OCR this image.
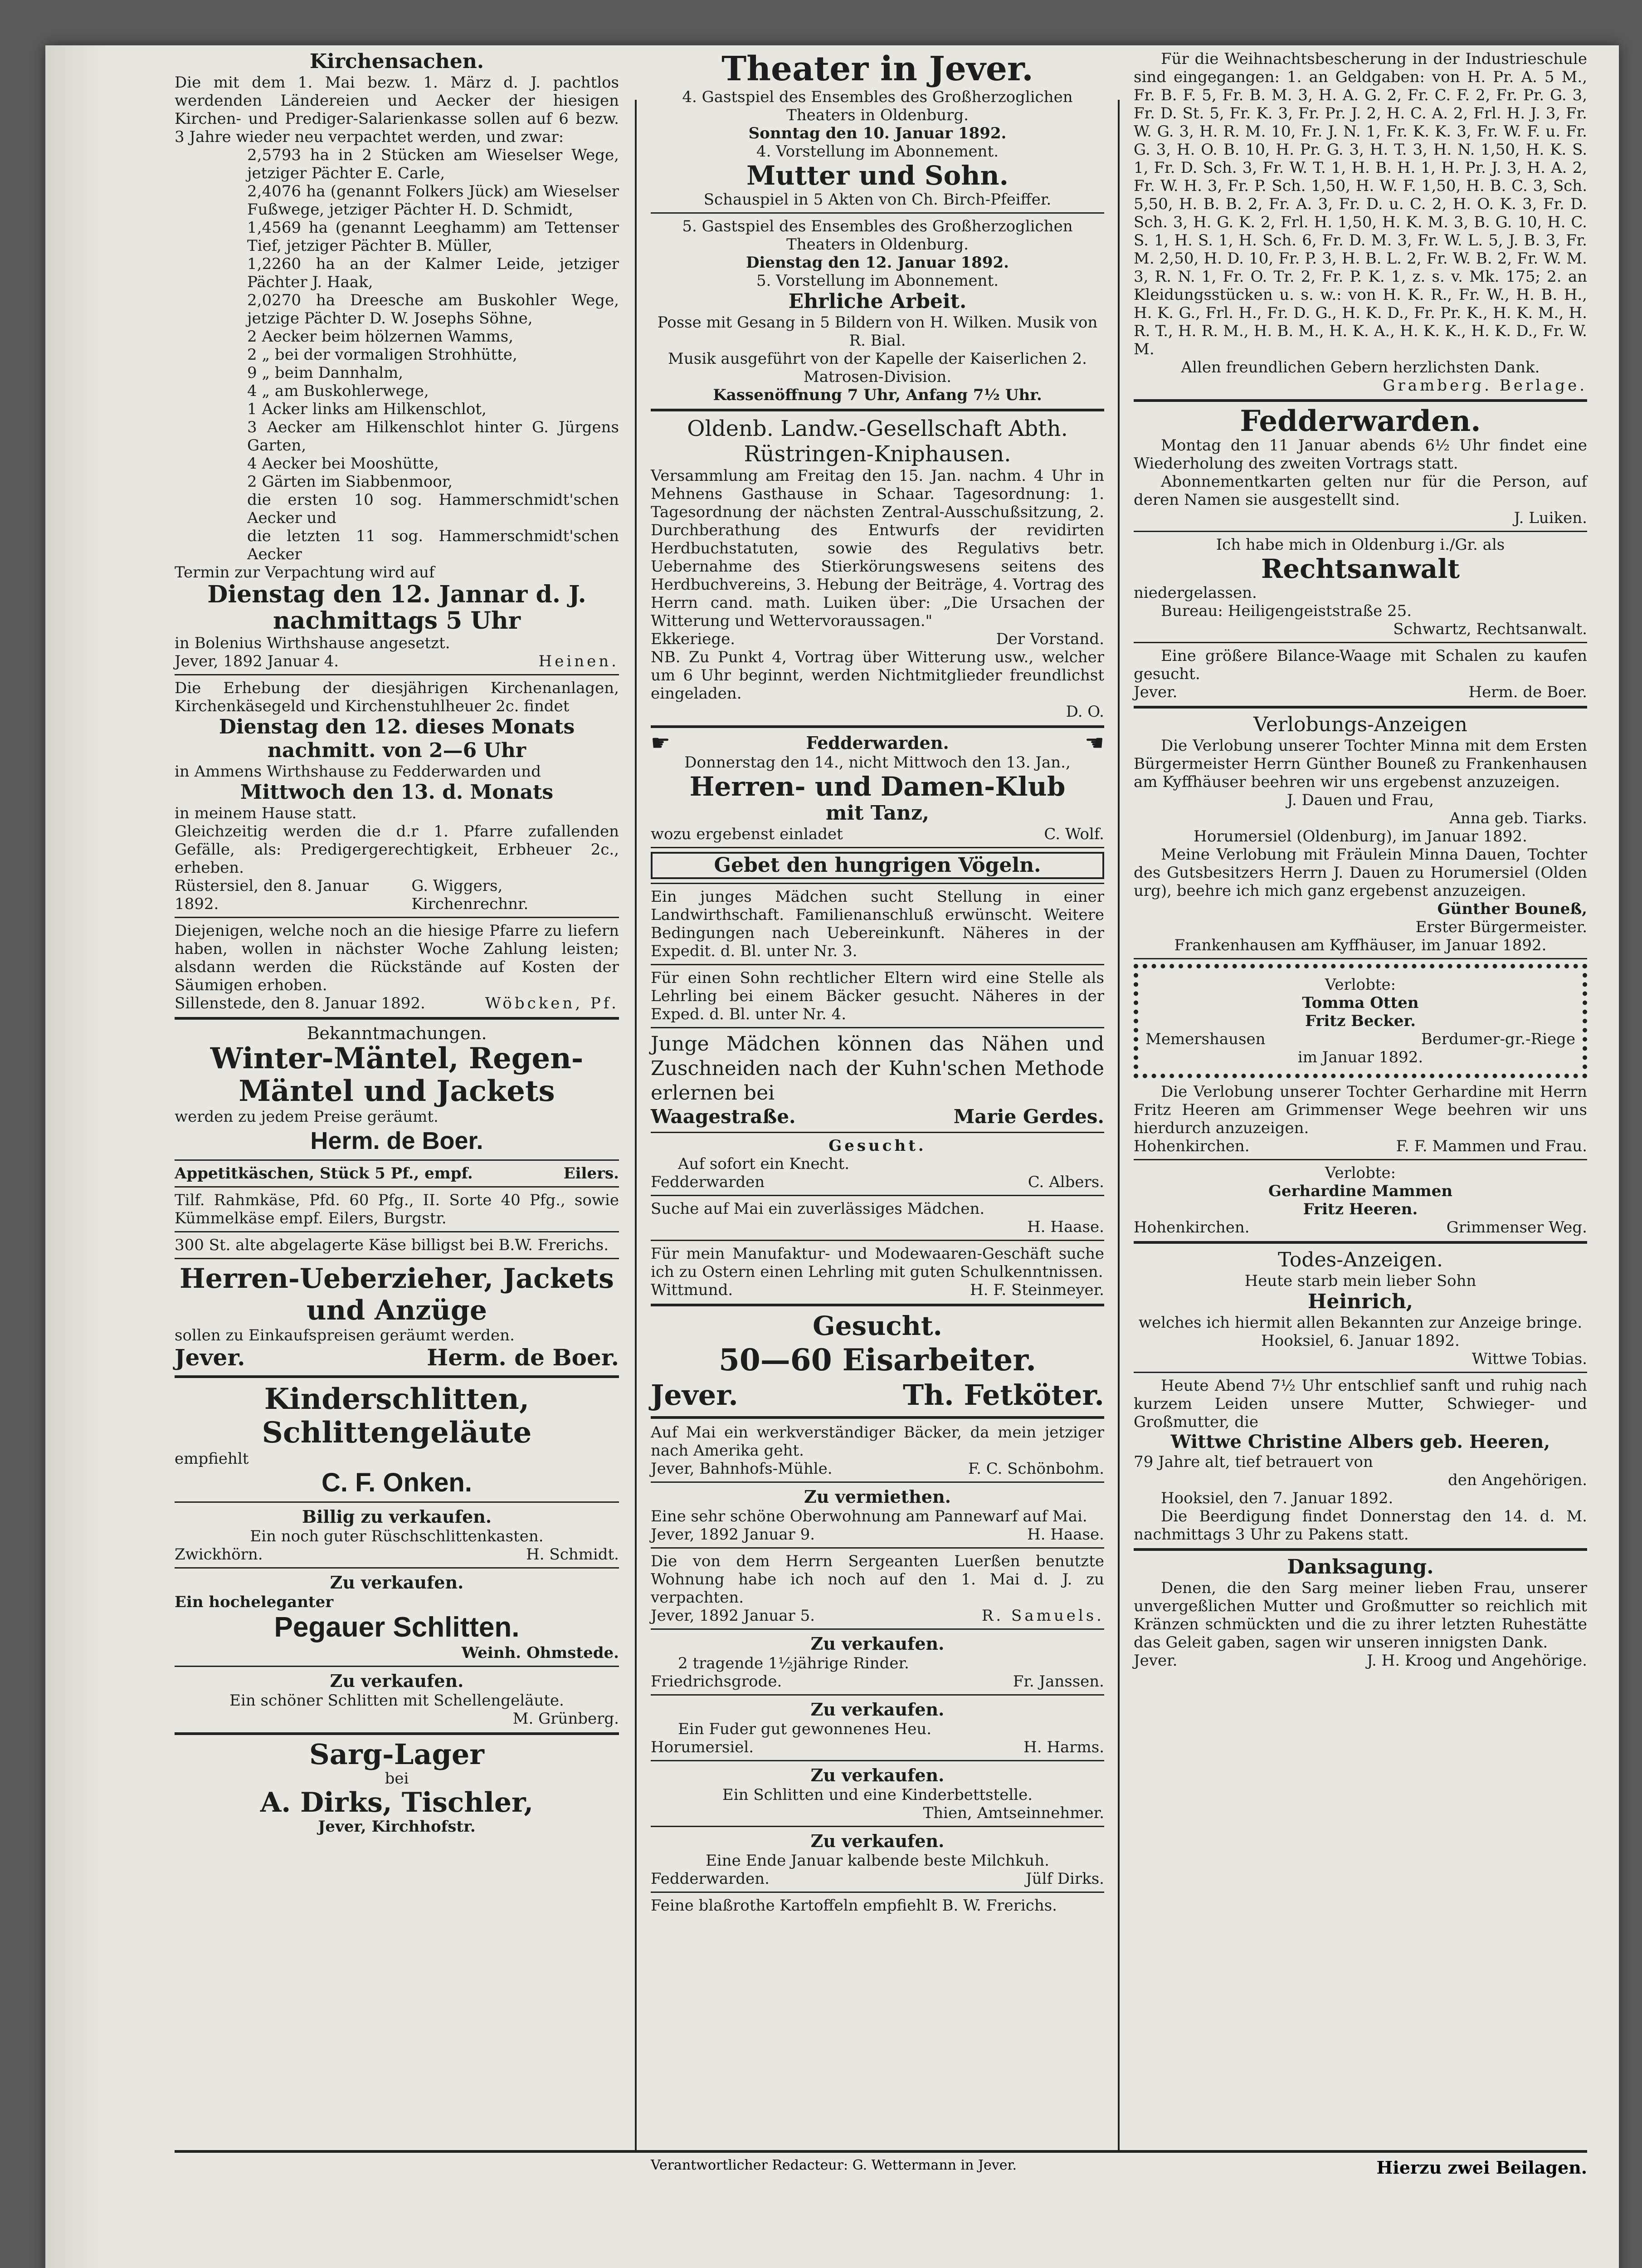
Kirchensachen.

Die mit dem 1. Mai bezw. 1. März d. J. pachtlos werdenden Ländereien und Aecker der hiesigen Kirchen- und Prediger-Salarienkasse sollen auf 6 bezw. 3 Jahre wieder neu verpachtet werden, und zwar:

2,5793 ha in 2 Stücken am Wieselser Wege, jetziger Pächter E. Carle,

2,4076 ha (genannt Folkers Jück) am Wieselser Fußwege, jetziger Pächter H. D. Schmidt,

1,4569 ha (genannt Leeghamm) am Tettenser Tief, jetziger Pächter B. Müller,

1,2260 ha an der Kalmer Leide, jetziger Pächter J. Haak,

2,0270 ha Dreesche am Buskohler Wege, jetzige Pächter D. W. Josephs Söhne,

2 Aecker beim hölzernen Wamms,

2 „ bei der vormaligen Strohhütte,

9 „ beim Dannhalm,

4 „ am Buskohlerwege,

1 Acker links am Hilkenschlot,

3 Aecker am Hilkenschlot hinter G. Jürgens Garten,

4 Aecker bei Mooshütte,

2 Gärten im Siabbenmoor,

die ersten 10 sog. Hammerschmidt'schen Aecker und

die letzten 11 sog. Hammerschmidt'schen Aecker

Termin zur Verpachtung wird auf

Dienstag den 12. Jannar d. J. nachmittags 5 Uhr

in Bolenius Wirthshause angesetzt.

Jever, 1892 Januar 4.	Heinen.

Die Erhebung der diesjährigen Kirchenanlagen, Kirchenkäsegeld und Kirchenstuhlheuer 2c. findet

Dienstag den 12. dieses Monats nachmitt. von 2—6 Uhr

in Ammens Wirthshause zu Fedderwarden und

Mittwoch den 13. d. Monats

in meinem Hause statt.

Gleichzeitig werden die d.r 1. Pfarre zufallenden Gefälle, als: Predigergerechtigkeit, Erbheuer 2c., erheben.

Rüstersiel, den 8. Januar 1892.
G. Wiggers, Kirchenrechnr.

Diejenigen, welche noch an die hiesige Pfarre zu liefern haben, wollen in nächster Woche Zahlung leisten; alsdann werden die Rückstände auf Kosten der Säumigen erhoben.

Sillenstede, den 8. Januar 1892.	Wöbcken, Pf.

Bekanntmachungen.

Winter-Mäntel, Regen-Mäntel und Jackets

werden zu jedem Preise geräumt.

Herm. de Boer.

Appetitkäschen, Stück 5 Pf., empf.	Eilers.

Tilf. Rahmkäse, Pfd. 60 Pfg., II. Sorte 40 Pfg., sowie Kümmelkäse empf. Eilers, Burgstr.

300 St. alte abgelagerte Käse billigst bei B.W. Frerichs.

Herren-Ueberzieher, Jackets und Anzüge

sollen zu Einkaufspreisen geräumt werden.

Jever.	Herm. de Boer.

Kinderschlitten, Schlittengeläute

empfiehlt

C. F. Onken.

Billig zu verkaufen.

Ein noch guter Rüschschlittenkasten.

Zwickhörn.	H. Schmidt.

Zu verkaufen.

Ein hocheleganter

Pegauer Schlitten.

Weinh. Ohmstede.

Zu verkaufen.

Ein schöner Schlitten mit Schellengeläute.

M. Grünberg.

Sarg-Lager

bei

A. Dirks, Tischler,

Jever, Kirchhofstr.

Theater in Jever.

4. Gastspiel des Ensembles des Großherzoglichen Theaters in Oldenburg.

Sonntag den 10. Januar 1892.

4. Vorstellung im Abonnement.

Mutter und Sohn.

Schauspiel in 5 Akten von Ch. Birch-Pfeiffer.

5. Gastspiel des Ensembles des Großherzoglichen Theaters in Oldenburg.

Dienstag den 12. Januar 1892.

5. Vorstellung im Abonnement.

Ehrliche Arbeit.

Posse mit Gesang in 5 Bildern von H. Wilken. Musik von R. Bial.

Musik ausgeführt von der Kapelle der Kaiserlichen 2. Matrosen-Division.

Kassenöffnung 7 Uhr, Anfang 7½ Uhr.

Oldenb. Landw.-Gesellschaft Abth. Rüstringen-Kniphausen.

Versammlung am Freitag den 15. Jan. nachm. 4 Uhr in Mehnens Gasthause in Schaar. Tagesordnung: 1. Tagesordnung der nächsten Zentral-Ausschußsitzung, 2. Durchberathung des Entwurfs der revidirten Herdbuchstatuten, sowie des Regulativs betr. Uebernahme des Stierkörungswesens seitens des Herdbuchvereins, 3. Hebung der Beiträge, 4. Vortrag des Herrn cand. math. Luiken über: „Die Ursachen der Witterung und Wettervoraussagen."

Ekkeriege.	Der Vorstand.

NB. Zu Punkt 4, Vortrag über Witterung usw., welcher um 6 Uhr beginnt, werden Nichtmitglieder freundlichst eingeladen.

D. O.

☛	Fedderwarden.	☛

Donnerstag den 14., nicht Mittwoch den 13. Jan.,

Herren- und Damen-Klub

mit Tanz,

wozu ergebenst einladet	C. Wolf.

Gebet den hungrigen Vögeln.

Ein junges Mädchen sucht Stellung in einer Landwirthschaft. Familienanschluß erwünscht. Weitere Bedingungen nach Uebereinkunft. Näheres in der Expedit. d. Bl. unter Nr. 3.

Für einen Sohn rechtlicher Eltern wird eine Stelle als Lehrling bei einem Bäcker gesucht. Näheres in der Exped. d. Bl. unter Nr. 4.

Junge Mädchen können das Nähen und Zuschneiden nach der Kuhn'schen Methode erlernen bei

Waagestraße.	Marie Gerdes.

Gesucht.

Auf sofort ein Knecht.

Fedderwarden	C. Albers.

Suche auf Mai ein zuverlässiges Mädchen.

H. Haase.

Für mein Manufaktur- und Modewaaren-Geschäft suche ich zu Ostern einen Lehrling mit guten Schulkenntnissen.

Wittmund.	H. F. Steinmeyer.

Gesucht.

50—60 Eisarbeiter.

Jever.	Th. Fetköter.

Auf Mai ein werkverständiger Bäcker, da mein jetziger nach Amerika geht.

Jever, Bahnhofs-Mühle.	F. C. Schönbohm.

Zu vermiethen.

Eine sehr schöne Oberwohnung am Pannewarf auf Mai.

Jever, 1892 Januar 9.	H. Haase.

Die von dem Herrn Sergeanten Luerßen benutzte Wohnung habe ich noch auf den 1. Mai d. J. zu verpachten.

Jever, 1892 Januar 5.	R. Samuels.

Zu verkaufen.

2 tragende 1½jährige Rinder.

Friedrichsgrode.	Fr. Janssen.

Zu verkaufen.

Ein Fuder gut gewonnenes Heu.

Horumersiel.	H. Harms.

Zu verkaufen.

Ein Schlitten und eine Kinderbettstelle.

Thien, Amtseinnehmer.

Zu verkaufen.

Eine Ende Januar kalbende beste Milchkuh.

Fedderwarden.	Jülf Dirks.

Feine blaßrothe Kartoffeln empfiehlt B. W. Frerichs.

Für die Weihnachtsbescherung in der Industrieschule sind eingegangen: 1. an Geldgaben: von H. Pr. A. 5 M., Fr. B. F. 5, Fr. B. M. 3, H. A. G. 2, Fr. C. F. 2, Fr. Pr. G. 3, Fr. D. St. 5, Fr. K. 3, Fr. Pr. J. 2, H. C. A. 2, Frl. H. J. 3, Fr. W. G. 3, H. R. M. 10, Fr. J. N. 1, Fr. K. K. 3, Fr. W. F. u. Fr. G. 3, H. O. B. 10, H. Pr. G. 3, H. T. 3, H. N. 1,50, H. K. S. 1, Fr. D. Sch. 3, Fr. W. T. 1, H. B. H. 1, H. Pr. J. 3, H. A. 2, Fr. W. H. 3, Fr. P. Sch. 1,50, H. W. F. 1,50, H. B. C. 3, Sch. 5,50, H. B. B. 2, Fr. A. 3, Fr. D. u. C. 2, H. O. K. 3, Fr. D. Sch. 3, H. G. K. 2, Frl. H. 1,50, H. K. M. 3, B. G. 10, H. C. S. 1, H. S. 1, H. Sch. 6, Fr. D. M. 3, Fr. W. L. 5, J. B. 3, Fr. M. 2,50, H. D. 10, Fr. P. 3, H. B. L. 2, Fr. W. B. 2, Fr. W. M. 3, R. N. 1, Fr. O. Tr. 2, Fr. P. K. 1, z. s. v. Mk. 175; 2. an Kleidungsstücken u. s. w.: von H. K. R., Fr. W., H. B. H., H. K. G., Frl. H., Fr. D. G., H. K. D., Fr. Pr. K., H. K. M., H. R. T., H. R. M., H. B. M., H. K. A., H. K. K., H. K. D., Fr. W. M.

Allen freundlichen Gebern herzlichsten Dank.

Gramberg. Berlage.

Fedderwarden.

Montag den 11 Januar abends 6½ Uhr findet eine Wiederholung des zweiten Vortrags statt.

Abonnementkarten gelten nur für die Person, auf deren Namen sie ausgestellt sind.

J. Luiken.

Ich habe mich in Oldenburg i./Gr. als

Rechtsanwalt

niedergelassen.

Bureau: Heiligengeiststraße 25.

Schwartz, Rechtsanwalt.

Eine größere Bilance-Waage mit Schalen zu kaufen gesucht.

Jever.	Herm. de Boer.

Verlobungs-Anzeigen

Die Verlobung unserer Tochter Minna mit dem Ersten Bürgermeister Herrn Günther Bouneß zu Frankenhausen am Kyffhäuser beehren wir uns ergebenst anzuzeigen.

J. Dauen und Frau,

Anna geb. Tiarks.

Horumersiel (Oldenburg), im Januar 1892.

Meine Verlobung mit Fräulein Minna Dauen, Tochter des Gutsbesitzers Herrn J. Dauen zu Horumersiel (Olden urg), beehre ich mich ganz ergebenst anzuzeigen.

Günther Bouneß,

Erster Bürgermeister.

Frankenhausen am Kyffhäuser, im Januar 1892.

Verlobte:

Tomma Otten

Fritz Becker.

Memershausen	Berdumer-gr.-Riege

im Januar 1892.

Die Verlobung unserer Tochter Gerhardine mit Herrn Fritz Heeren am Grimmenser Wege beehren wir uns hierdurch anzuzeigen.

Hohenkirchen.	F. F. Mammen und Frau.

Verlobte:

Gerhardine Mammen

Fritz Heeren.

Hohenkirchen.	Grimmenser Weg.

Todes-Anzeigen.

Heute starb mein lieber Sohn

Heinrich,

welches ich hiermit allen Bekannten zur Anzeige bringe.

Hooksiel, 6. Januar 1892.

Wittwe Tobias.

Heute Abend 7½ Uhr entschlief sanft und ruhig nach kurzem Leiden unsere Mutter, Schwieger- und Großmutter, die

Wittwe Christine Albers geb. Heeren,

79 Jahre alt, tief betrauert von

den Angehörigen.

Hooksiel, den 7. Januar 1892.

Die Beerdigung findet Donnerstag den 14. d. M. nachmittags 3 Uhr zu Pakens statt.

Danksagung.

Denen, die den Sarg meiner lieben Frau, unserer unvergeßlichen Mutter und Großmutter so reichlich mit Kränzen schmückten und die zu ihrer letzten Ruhestätte das Geleit gaben, sagen wir unseren innigsten Dank.

Jever.	J. H. Kroog und Angehörige.
Verantwortlicher Redacteur: G. Wettermann in Jever.	Hierzu zwei Beilagen.
